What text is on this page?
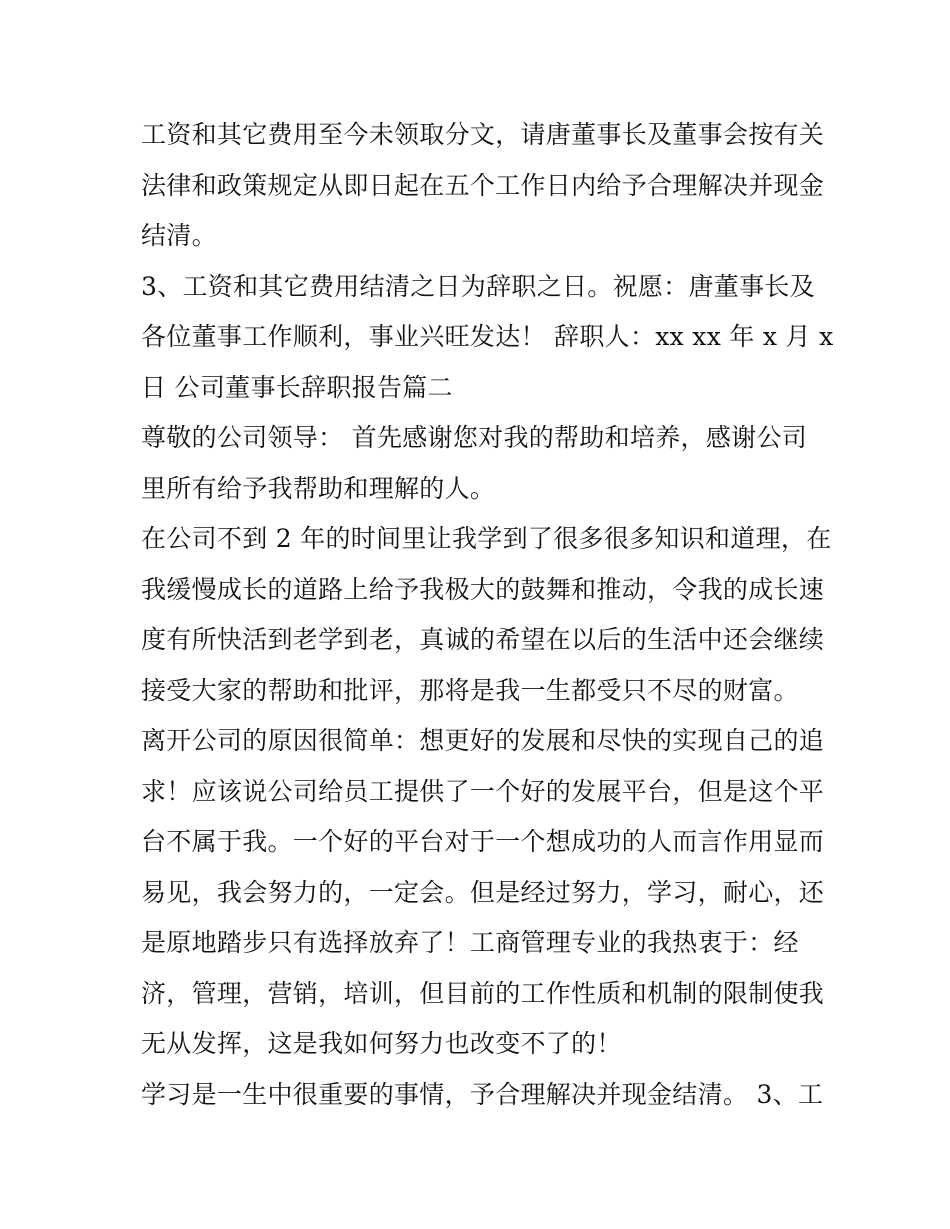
工资和其它费用至今未领取分文，请唐董事长及董事会按有关
法律和政策规定从即日起在五个工作日内给予合理解决并现金
结清。
3、工资和其它费用结清之日为辞职之日。祝愿：唐董事长及
各位董事工作顺利，事业兴旺发达！ 辞职人：xx xx 年 x 月 x
日 公司董事长辞职报告篇二
尊敬的公司领导： 首先感谢您对我的帮助和培养，感谢公司
里所有给予我帮助和理解的人。
在公司不到 2 年的时间里让我学到了很多很多知识和道理，在
我缓慢成长的道路上给予我极大的鼓舞和推动，令我的成长速
度有所快活到老学到老，真诚的希望在以后的生活中还会继续
接受大家的帮助和批评，那将是我一生都受只不尽的财富。
离开公司的原因很简单：想更好的发展和尽快的实现自己的追
求！应该说公司给员工提供了一个好的发展平台，但是这个平
台不属于我。一个好的平台对于一个想成功的人而言作用显而
易见，我会努力的，一定会。但是经过努力，学习，耐心，还
是原地踏步只有选择放弃了！工商管理专业的我热衷于：经
济，管理，营销，培训，但目前的工作性质和机制的限制使我
无从发挥，这是我如何努力也改变不了的！
学习是一生中很重要的事情，予合理解决并现金结清。 3、工
